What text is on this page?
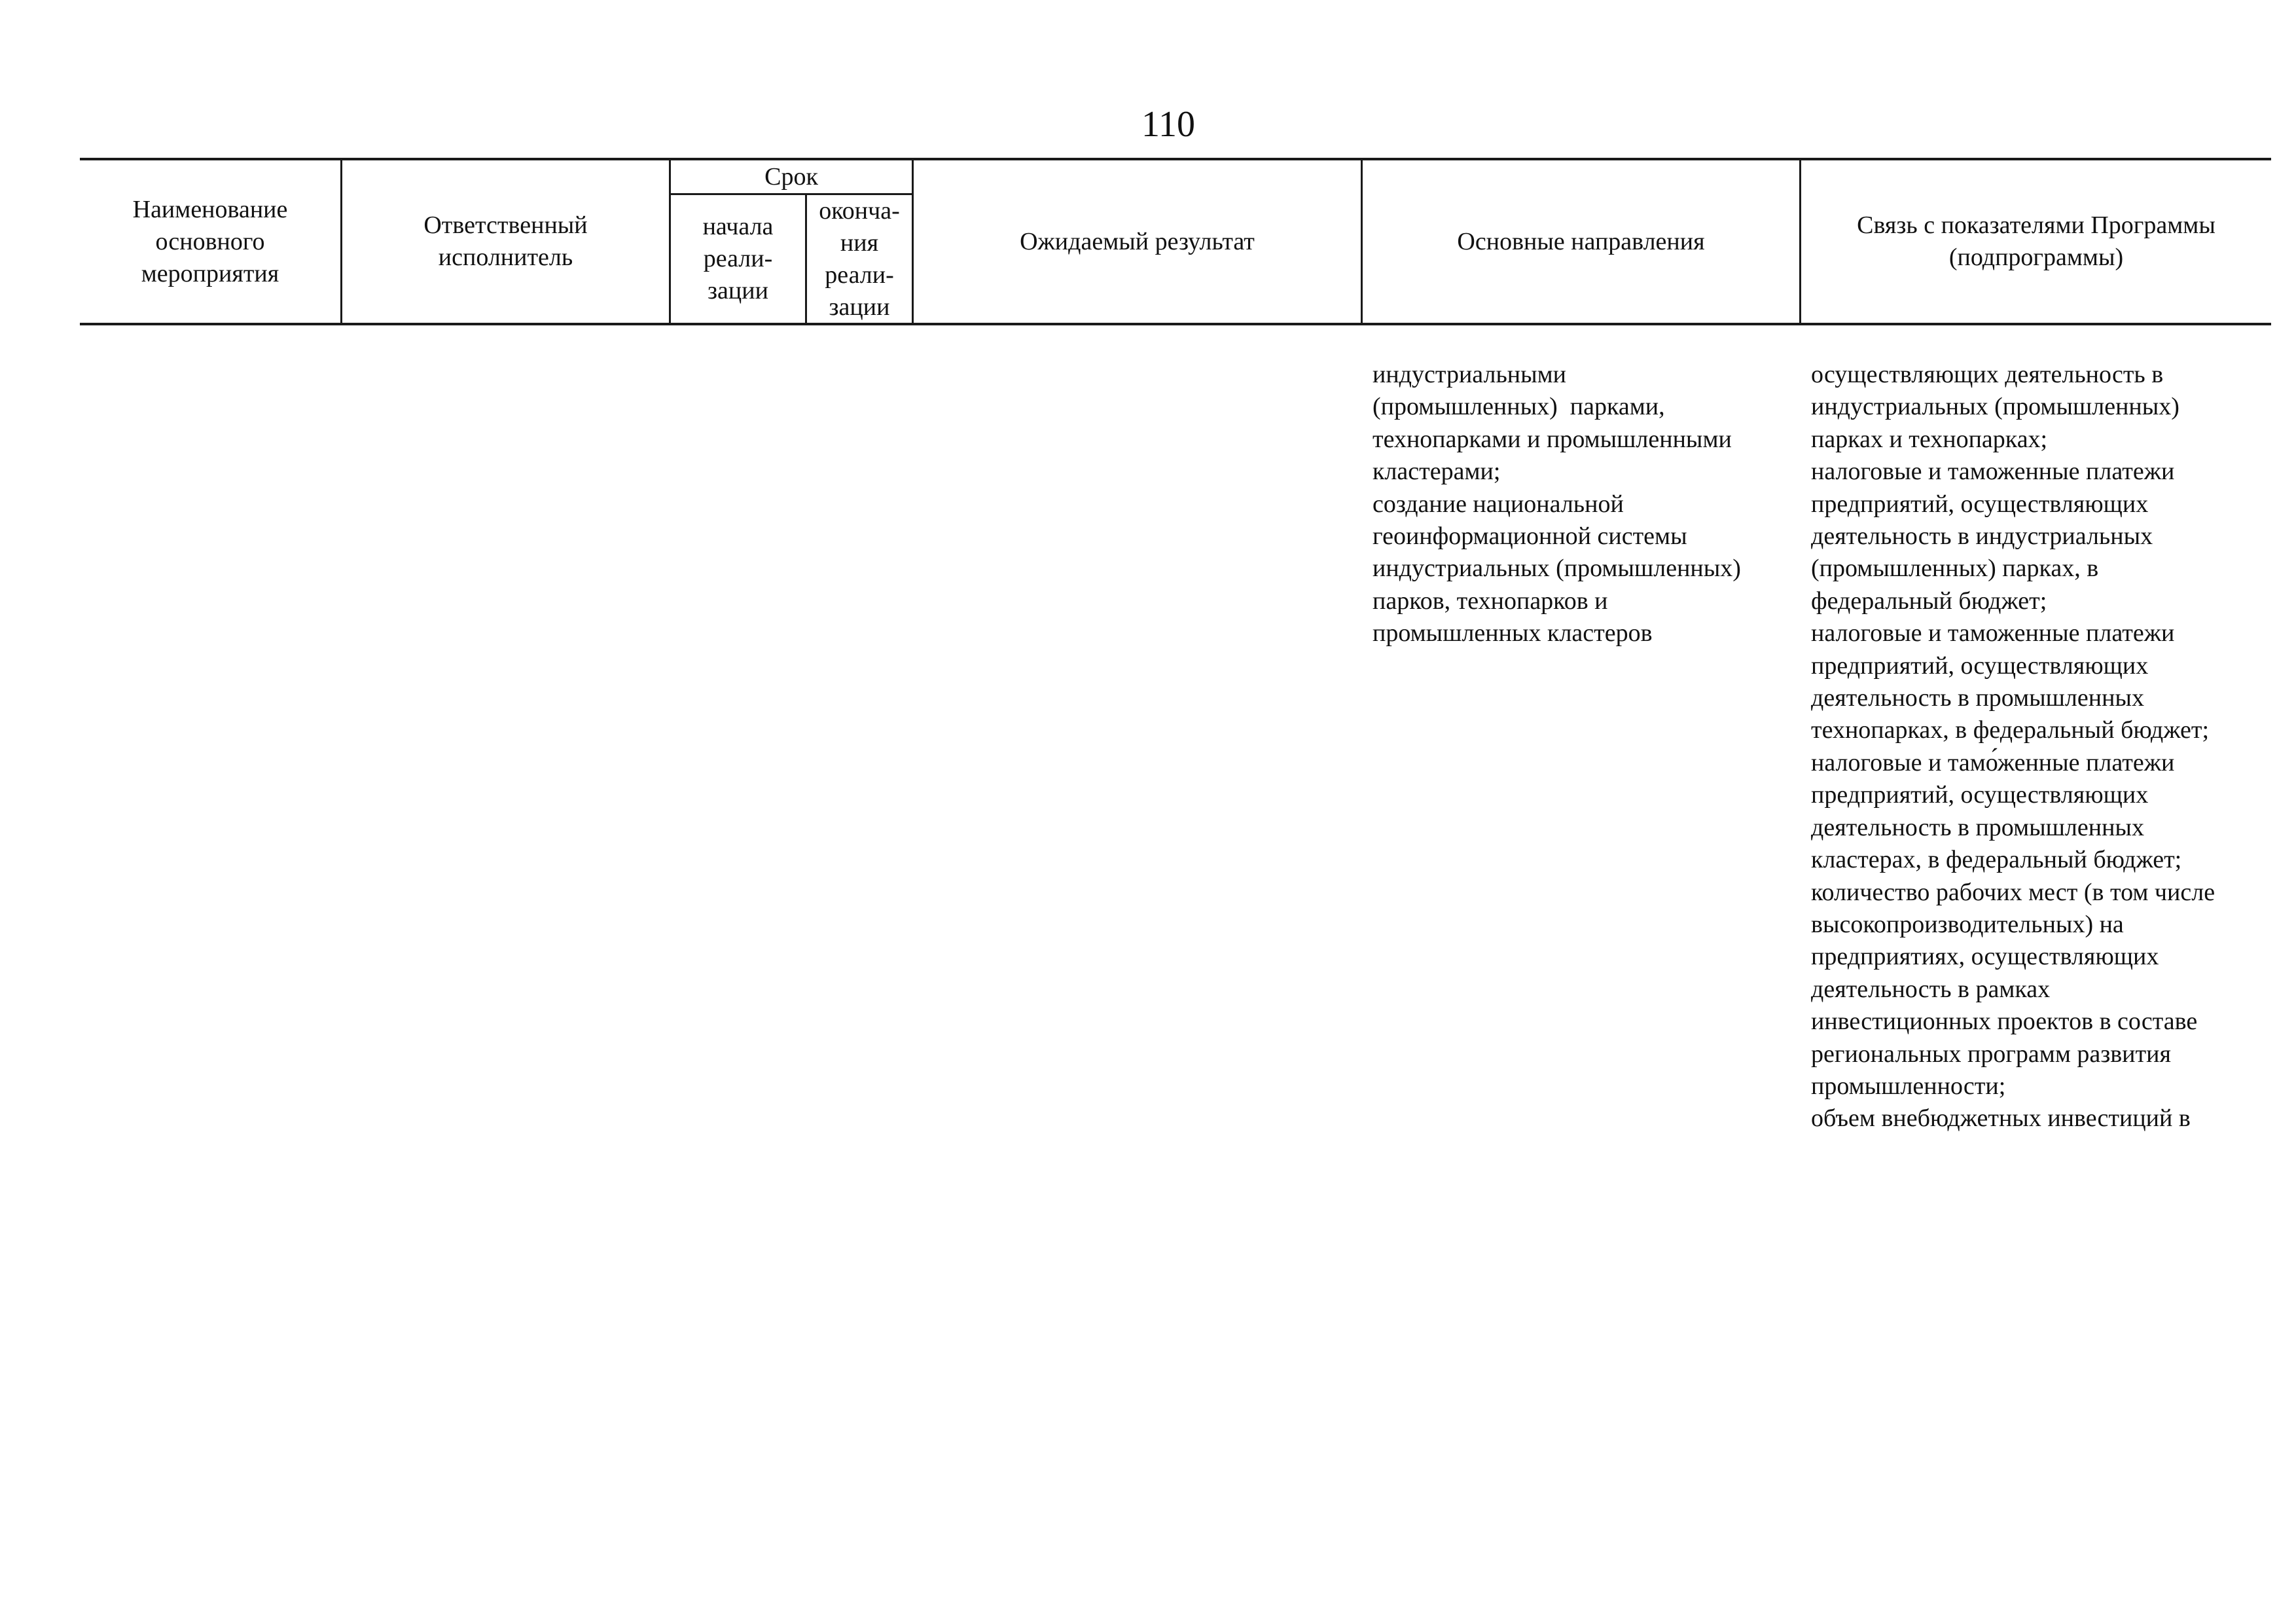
110
Наименование
основного
мероприятия
Ответственный
исполнитель
Срок
начала
реали-
зации
оконча-
ния
реали-
зации
Ожидаемый результат	Основные направления
Связь с показателями Программы
(подпрограммы)
индустриальными
(промышленных)  парками,
технопарками и промышленными
кластерами;
создание национальной
геоинформационной системы
индустриальных (промышленных)
парков, технопарков и
промышленных кластеров
осуществляющих деятельность в
индустриальных (промышленных)
парках и технопарках;
налоговые и таможенные платежи
предприятий, осуществляющих
деятельность в индустриальных
(промышленных) парках, в
федеральный бюджет;
налоговые и таможенные платежи
предприятий, осуществляющих
деятельность в промышленных
технопарках, в федеральный бюджет;
налоговые и тамо́женные платежи
предприятий, осуществляющих
деятельность в промышленных
кластерах, в федеральный бюджет;
количество рабочих мест (в том числе
высокопроизводительных) на
предприятиях, осуществляющих
деятельность в рамках
инвестиционных проектов в составе
региональных программ развития
промышленности;
объем внебюджетных инвестиций в
